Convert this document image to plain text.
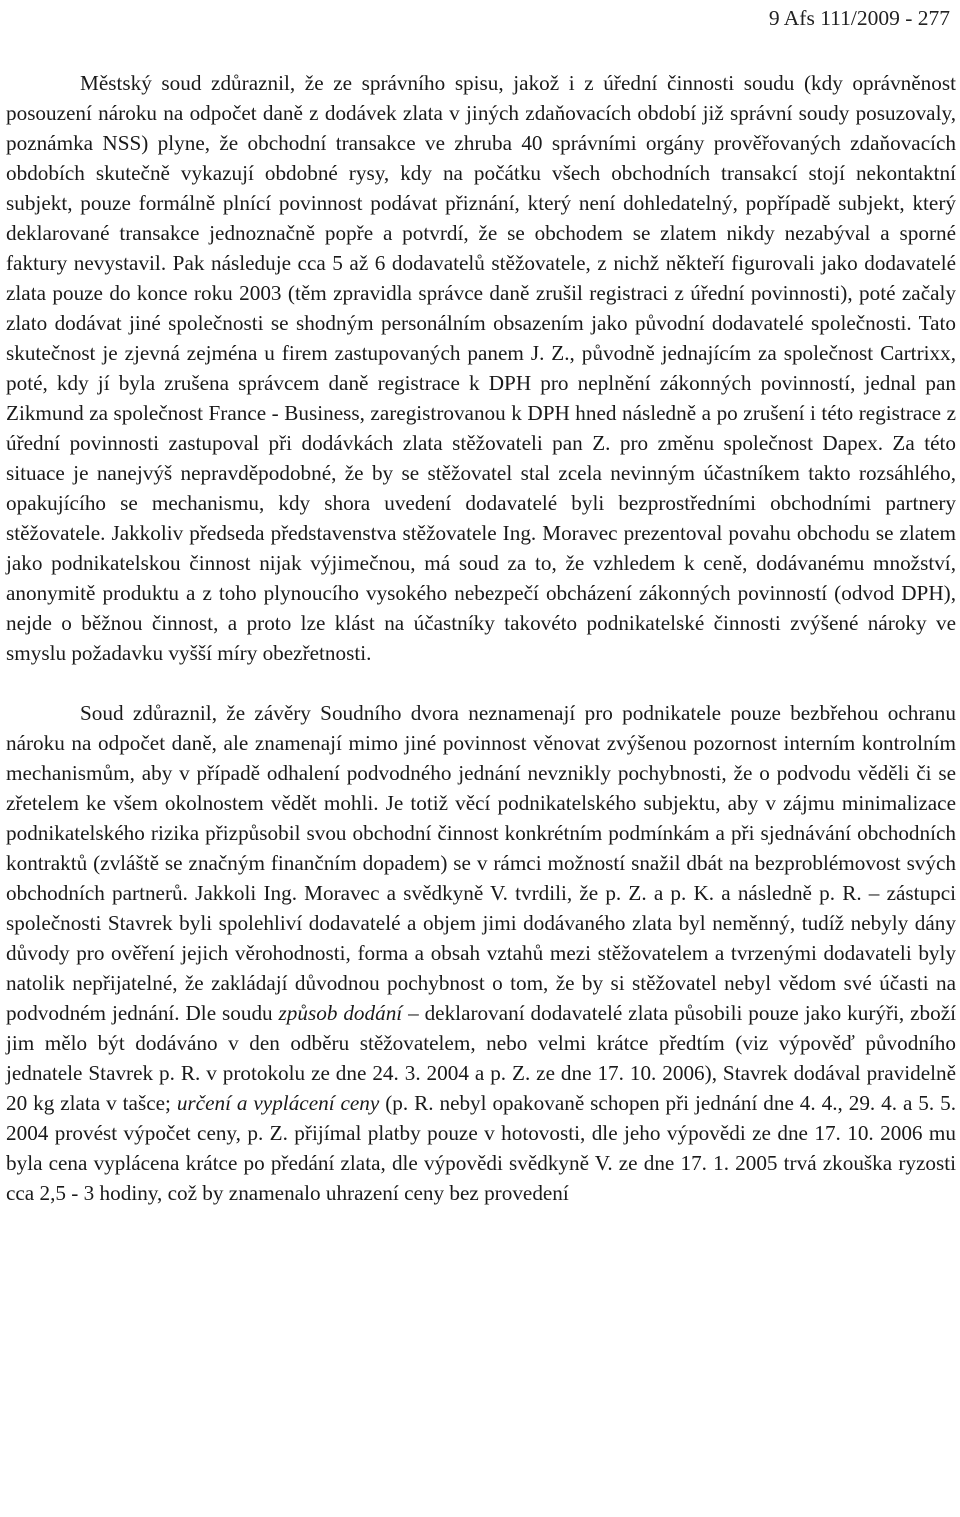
9 Afs 111/2009 - 277

Městský soud zdůraznil, že ze správního spisu, jakož i z úřední činnosti soudu (kdy oprávněnost posouzení nároku na odpočet daně z dodávek zlata v jiných zdaňovacích období již správní soudy posuzovaly, poznámka NSS) plyne, že obchodní transakce ve zhruba 40 správními orgány prověřovaných zdaňovacích obdobích skutečně vykazují obdobné rysy, kdy na počátku všech obchodních transakcí stojí nekontaktní subjekt, pouze formálně plnící povinnost podávat přiznání, který není dohledatelný, popřípadě subjekt, který deklarované transakce jednoznačně popře a potvrdí, že se obchodem se zlatem nikdy nezabýval a sporné faktury nevystavil. Pak následuje cca 5 až 6 dodavatelů stěžovatele, z nichž někteří figurovali jako dodavatelé zlata pouze do konce roku 2003 (těm zpravidla správce daně zrušil registraci z úřední povinnosti), poté začaly zlato dodávat jiné společnosti se shodným personálním obsazením jako původní dodavatelé společnosti. Tato skutečnost je zjevná zejména u firem zastupovaných panem J. Z., původně jednajícím za společnost Cartrixx, poté, kdy jí byla zrušena správcem daně registrace k DPH pro neplnění zákonných povinností, jednal pan Zikmund za společnost France - Business, zaregistrovanou k DPH hned následně a po zrušení i této registrace z úřední povinnosti zastupoval při dodávkách zlata stěžovateli pan Z. pro změnu společnost Dapex. Za této situace je nanejvýš nepravděpodobné, že by se stěžovatel stal zcela nevinným účastníkem takto rozsáhlého, opakujícího se mechanismu, kdy shora uvedení dodavatelé byli bezprostředními obchodními partnery stěžovatele. Jakkoliv předseda představenstva stěžovatele Ing. Moravec prezentoval povahu obchodu se zlatem jako podnikatelskou činnost nijak výjimečnou, má soud za to, že vzhledem k ceně, dodávanému množství, anonymitě produktu a z toho plynoucího vysokého nebezpečí obcházení zákonných povinností (odvod DPH), nejde o běžnou činnost, a proto lze klást na účastníky takovéto podnikatelské činnosti zvýšené nároky ve smyslu požadavku vyšší míry obezřetnosti.

Soud zdůraznil, že závěry Soudního dvora neznamenají pro podnikatele pouze bezbřehou ochranu nároku na odpočet daně, ale znamenají mimo jiné povinnost věnovat zvýšenou pozornost interním kontrolním mechanismům, aby v případě odhalení podvodného jednání nevznikly pochybnosti, že o podvodu věděli či se zřetelem ke všem okolnostem vědět mohli. Je totiž věcí podnikatelského subjektu, aby v zájmu minimalizace podnikatelského rizika přizpůsobil svou obchodní činnost konkrétním podmínkám a při sjednávání obchodních kontraktů (zvláště se značným finančním dopadem) se v rámci možností snažil dbát na bezproblémovost svých obchodních partnerů. Jakkoli Ing. Moravec a svědkyně V. tvrdili, že p. Z. a p. K. a následně p. R. – zástupci společnosti Stavrek byli spolehliví dodavatelé a objem jimi dodávaného zlata byl neměnný, tudíž nebyly dány důvody pro ověření jejich věrohodnosti, forma a obsah vztahů mezi stěžovatelem a tvrzenými dodavateli byly natolik nepřijatelné, že zakládají důvodnou pochybnost o tom, že by si stěžovatel nebyl vědom své účasti na podvodném jednání. Dle soudu způsob dodání – deklarovaní dodavatelé zlata působili pouze jako kurýři, zboží jim mělo být dodáváno v den odběru stěžovatelem, nebo velmi krátce předtím (viz výpověď původního jednatele Stavrek p. R. v protokolu ze dne 24. 3. 2004 a p. Z. ze dne 17. 10. 2006), Stavrek dodával pravidelně 20 kg zlata v tašce; určení a vyplácení ceny (p. R. nebyl opakovaně schopen při jednání dne 4. 4., 29. 4. a 5. 5. 2004 provést výpočet ceny, p. Z. přijímal platby pouze v hotovosti, dle jeho výpovědi ze dne 17. 10. 2006 mu byla cena vyplácena krátce po předání zlata, dle výpovědi svědkyně V. ze dne 17. 1. 2005 trvá zkouška ryzosti cca 2,5 - 3 hodiny, což by znamenalo uhrazení ceny bez provedení
